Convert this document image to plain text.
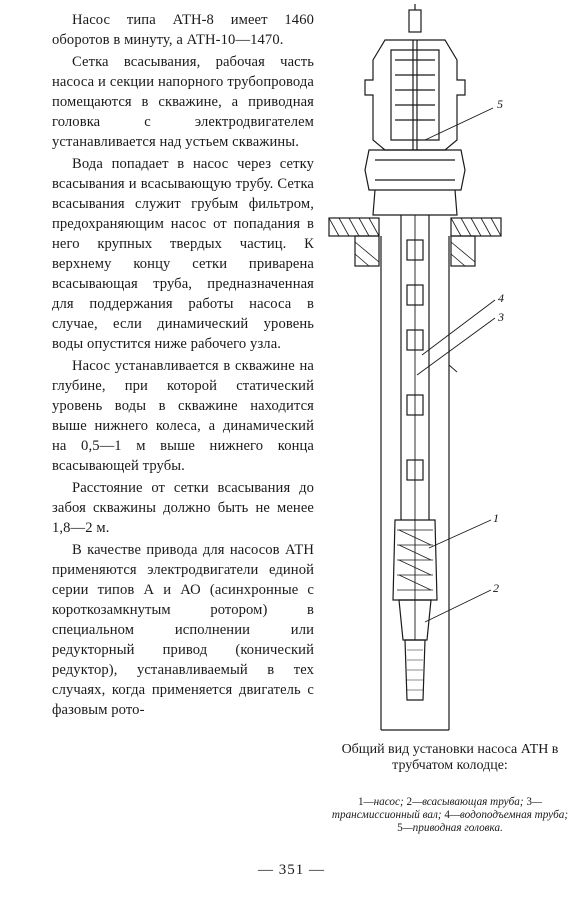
Насос типа АТН-8 имеет 1460 оборотов в минуту, а АТН-10—1470.

Сетка всасывания, рабочая часть насоса и секции напорного трубопровода помещаются в скважине, а приводная головка с электродвигателем устанавливается над устьем скважины.

Вода попадает в насос через сетку всасывания и всасывающую трубу. Сетка всасывания служит грубым фильтром, предохраняющим насос от попадания в него крупных твердых частиц. К верхнему концу сетки приварена всасывающая труба, предназначенная для поддержания работы насоса в случае, если динамический уровень воды опустится ниже рабочего узла.

Насос устанавливается в скважине на глубине, при которой статический уровень воды в скважине находится выше нижнего колеса, а динамический на 0,5—1 м выше нижнего конца всасывающей трубы.

Расстояние от сетки всасывания до забоя скважины должно быть не менее 1,8—2 м.

В качестве привода для насосов АТН применяются электродвигатели единой серии типов А и АО (асинхронные с короткозамкнутым ротором) в специальном исполнении или редукторный привод (конический редуктор), устанавливаемый в тех случаях, когда применяется двигатель с фазовым рото-

5
4
3
1
2
Общий вид установки насоса АТН в трубчатом колодце:
1—насос; 2—всасывающая труба; 3—трансмиссионный вал; 4—водоподъемная труба; 5—приводная головка.
— 351 —
